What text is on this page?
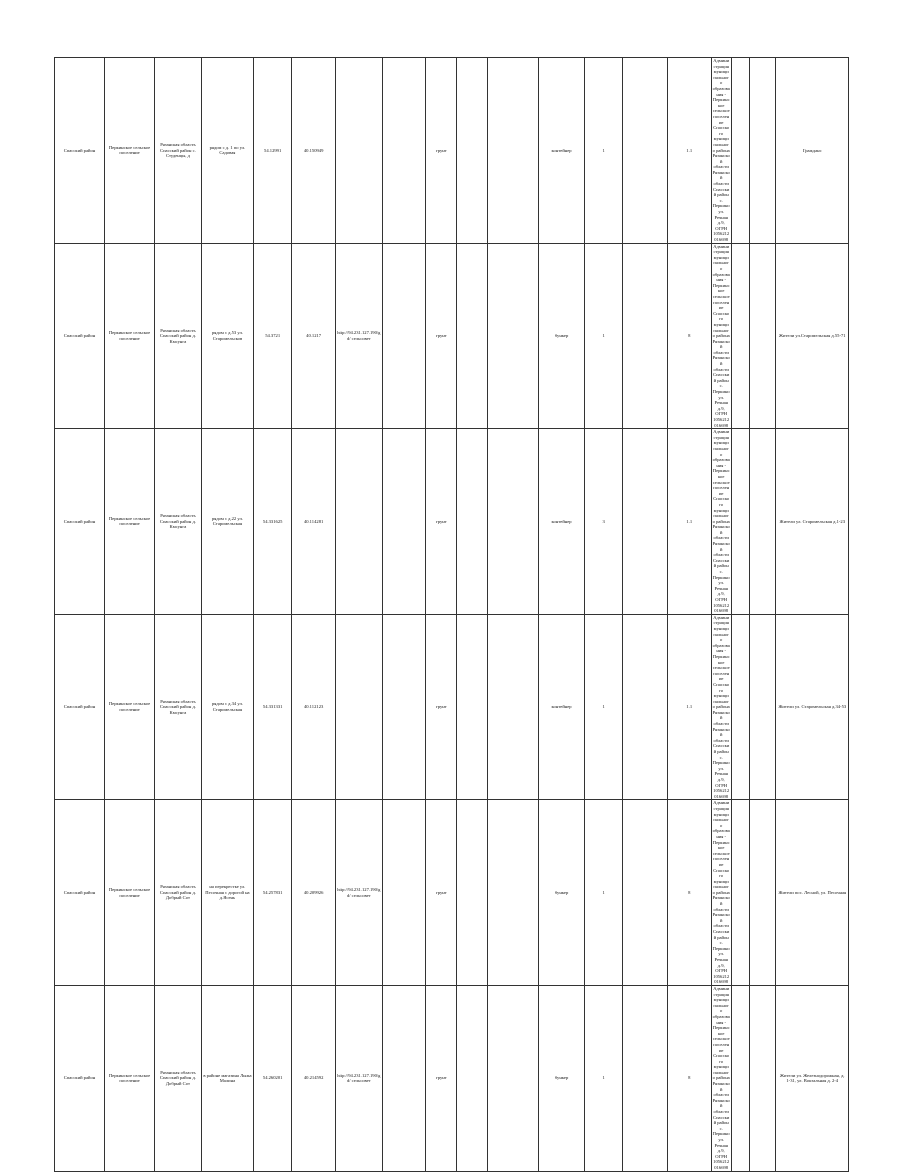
Спасский район	Перкинское сельское поселение	Рязанская область Спасский район с. Студенцы, д	рядом с д. 1 по ул. Садовая	54.12991	40.150949			грунт			контейнер	1		1.1	Администрация муниципального образования - Перкинское сельское поселение Спасского муниципального района Рязанской области Рязанской области Спасский район с. Перкино ул. Речная д.9, ОГРН 1056212016698			Гражданс
Спасский район	Перкинское сельское поселение	Рязанская область Спасский район д. Кмсунга	рядом с д.53 ул. Старомельсков	54.3721	40.1217	http://94.231.127.190/gd/ сельсовет		грунт			бункер	1		8	Администрация муниципального образования - Перкинское сельское поселение Спасского муниципального района Рязанской области Рязанской области Спасский район с. Перкино ул. Речная д.9, ОГРН 1056212016698			Жители ул.Старомельская д.55-71
Спасский район	Перкинское сельское поселение	Рязанская область Спасский район д. Кмсунга	рядом с д.22 ул. Старомельская	54.331625	40.114281			грунт			контейнер	3		1.1	Администрация муниципального образования - Перкинское сельское поселение Спасского муниципального района Рязанской области Рязанской области Спасский район с. Перкино ул. Речная д.9, ОГРН 1056212016698			Жители ул. Старомельская д.1-23
Спасский район	Перкинское сельское поселение	Рязанская область Спасский район д. Кмсунга	рядом с д.34 ул. Старомельская	54.331331	40.112123			грунт			контейнер	1		1.1	Администрация муниципального образования - Перкинское сельское поселение Спасского муниципального района Рязанской области Рязанской области Спасский район с. Перкино ул. Речная д.9, ОГРН 1056212016698			Жители ул. Старомельская д.34-53
Спасский район	Перкинское сельское поселение	Рязанская область Спасский район д. Добрый Сот	на перекрестке ул. Песочная с дорогой на д.Ясень	54.257831	40.209926	http://94.231.127.190/gd/ сельсовет		грунт			бункер	1		8	Администрация муниципального образования - Перкинское сельское поселение Спасского муниципального района Рязанской области Рязанской области Спасский район с. Перкино ул. Речная д.9, ОГРН 1056212016698			Жители пос. Лесной, ул. Песочная
Спасский район	Перкинское сельское поселение	Рязанская область Спасский район д. Добрый Сот	в районе магазина Лыжа Малина	54.260201	40.214592	http://94.231.127.190/gd/ сельсовет		грунт			бункер	1		8	Администрация муниципального образования - Перкинское сельское поселение Спасского муниципального района Рязанской области Рязанской области Спасский район с. Перкино ул. Речная д.9, ОГРН 1056212016698			Жители ул. Железнодорожная, д. 1-31, ул. Вокзальная д. 2-4
